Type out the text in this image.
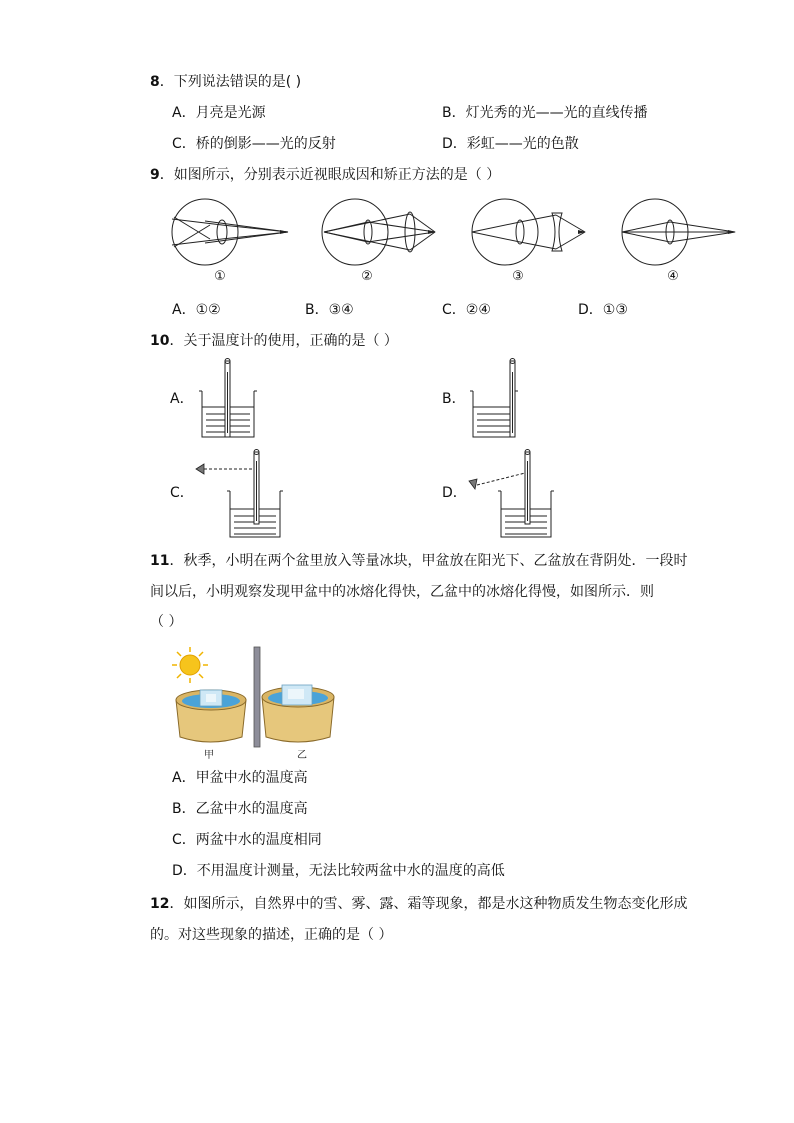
8．下列说法错误的是( )
A．月亮是光源	B．灯光秀的光——光的直线传播
C．桥的倒影——光的反射	D．彩虹——光的色散
9．如图所示，分别表示近视眼成因和矫正方法的是（ ）
①	②	③	④
A．①②	B．③④	C．②④	D．①③
10．关于温度计的使用，正确的是（ ）
A．	B．
C．	D．
11．秋季，小明在两个盆里放入等量冰块，甲盆放在阳光下、乙盆放在背阴处．一段时
间以后，小明观察发现甲盆中的冰熔化得快，乙盆中的冰熔化得慢，如图所示．则
（ ）
甲	乙
A．甲盆中水的温度高
B．乙盆中水的温度高
C．两盆中水的温度相同
D．不用温度计测量，无法比较两盆中水的温度的高低
12．如图所示，自然界中的雪、雾、露、霜等现象，都是水这种物质发生物态变化形成
的。对这些现象的描述，正确的是（ ）
